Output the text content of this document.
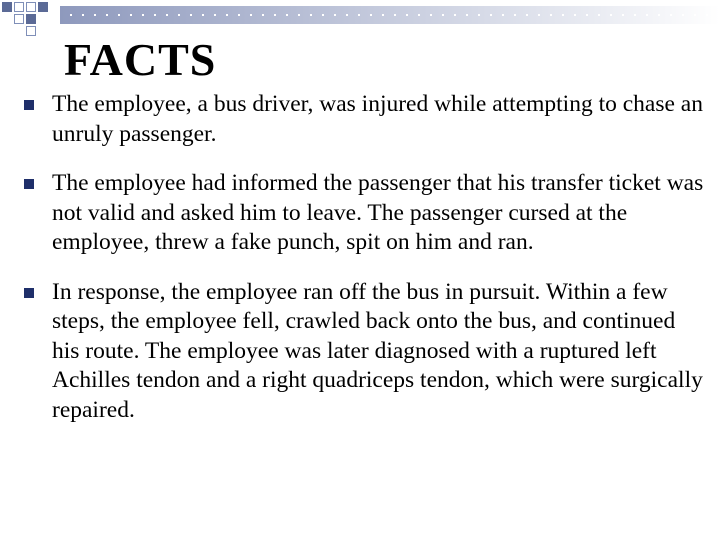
FACTS
The employee, a bus driver, was injured while attempting to chase an unruly passenger.
The employee had informed the passenger that his transfer ticket was not valid and asked him to leave. The passenger cursed at the employee, threw a fake punch, spit on him and ran.
In response, the employee ran off the bus in pursuit. Within a few steps, the employee fell, crawled back onto the bus, and continued his route. The employee was later diagnosed with a ruptured left Achilles tendon and a right quadriceps tendon, which were surgically repaired.
